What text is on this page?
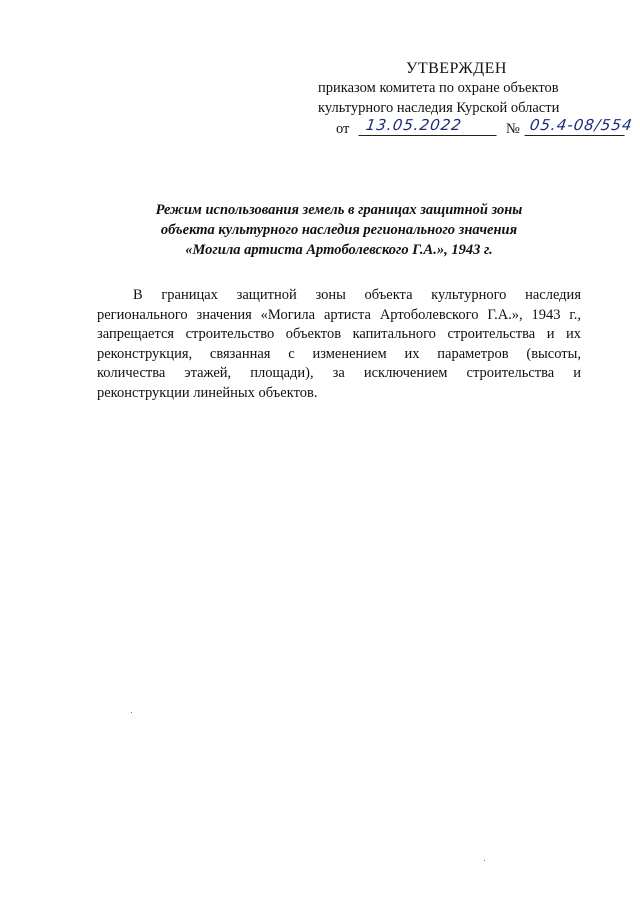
УТВЕРЖДЕН
приказом комитета по охране объектов
культурного наследия Курской области
от	13.05.2022	№ 05.4-08/554
Режим использования земель в границах защитной зоны
объекта культурного наследия регионального значения
«Могила артиста Артоболевского Г.А.», 1943 г.
В границах защитной зоны объекта культурного наследия
регионального значения «Могила артиста Артоболевского Г.А.», 1943 г.,
запрещается строительство объектов капитального строительства и их
реконструкция, связанная с изменением их параметров (высоты,
количества этажей, площади), за исключением строительства и
реконструкции линейных объектов.
